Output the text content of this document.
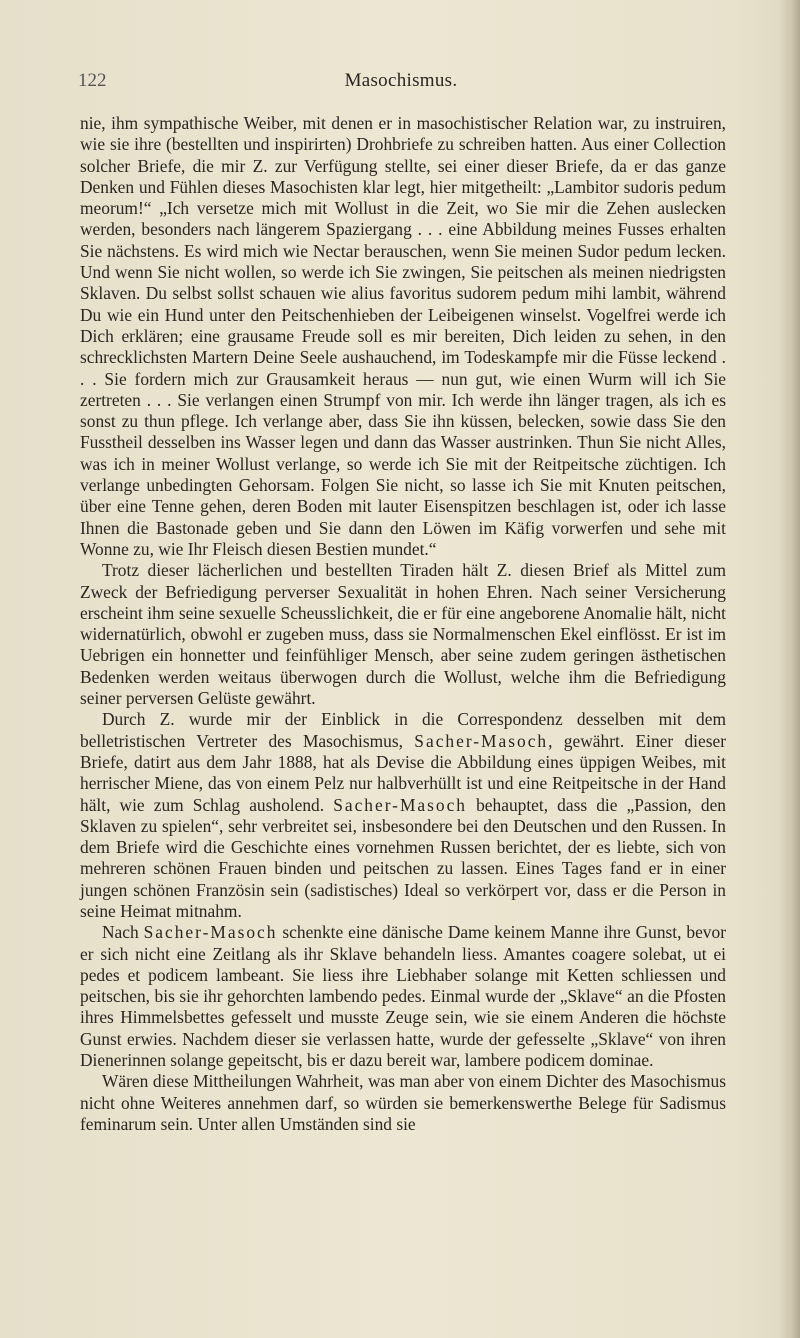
122	Masochismus.

nie, ihm sympathische Weiber, mit denen er in masochistischer Relation war, zu instruiren, wie sie ihre (bestellten und inspirirten) Drohbriefe zu schreiben hatten. Aus einer Collection solcher Briefe, die mir Z. zur Verfügung stellte, sei einer dieser Briefe, da er das ganze Denken und Fühlen dieses Masochisten klar legt, hier mitgetheilt: „Lambitor sudoris pedum meorum!“ „Ich versetze mich mit Wollust in die Zeit, wo Sie mir die Zehen auslecken werden, besonders nach längerem Spaziergang . . . eine Abbildung meines Fusses erhalten Sie nächstens. Es wird mich wie Nectar berauschen, wenn Sie meinen Sudor pedum lecken. Und wenn Sie nicht wollen, so werde ich Sie zwingen, Sie peitschen als meinen niedrigsten Sklaven. Du selbst sollst schauen wie alius favoritus sudorem pedum mihi lambit, während Du wie ein Hund unter den Peitschenhieben der Leibeigenen winselst. Vogelfrei werde ich Dich erklären; eine grausame Freude soll es mir bereiten, Dich leiden zu sehen, in den schrecklichsten Martern Deine Seele aushauchend, im Todeskampfe mir die Füsse leckend . . . Sie fordern mich zur Grausamkeit heraus — nun gut, wie einen Wurm will ich Sie zertreten . . . Sie verlangen einen Strumpf von mir. Ich werde ihn länger tragen, als ich es sonst zu thun pflege. Ich verlange aber, dass Sie ihn küssen, belecken, sowie dass Sie den Fusstheil desselben ins Wasser legen und dann das Wasser austrinken. Thun Sie nicht Alles, was ich in meiner Wollust verlange, so werde ich Sie mit der Reitpeitsche züchtigen. Ich verlange unbedingten Gehorsam. Folgen Sie nicht, so lasse ich Sie mit Knuten peitschen, über eine Tenne gehen, deren Boden mit lauter Eisenspitzen beschlagen ist, oder ich lasse Ihnen die Bastonade geben und Sie dann den Löwen im Käfig vorwerfen und sehe mit Wonne zu, wie Ihr Fleisch diesen Bestien mundet.“

Trotz dieser lächerlichen und bestellten Tiraden hält Z. diesen Brief als Mittel zum Zweck der Befriedigung perverser Sexualität in hohen Ehren. Nach seiner Versicherung erscheint ihm seine sexuelle Scheusslichkeit, die er für eine angeborene Anomalie hält, nicht widernatürlich, obwohl er zugeben muss, dass sie Normalmenschen Ekel einflösst. Er ist im Uebrigen ein honnetter und feinfühliger Mensch, aber seine zudem geringen ästhetischen Bedenken werden weitaus überwogen durch die Wollust, welche ihm die Befriedigung seiner perversen Gelüste gewährt.

Durch Z. wurde mir der Einblick in die Correspondenz desselben mit dem belletristischen Vertreter des Masochismus, Sacher-Masoch, gewährt. Einer dieser Briefe, datirt aus dem Jahr 1888, hat als Devise die Abbildung eines üppigen Weibes, mit herrischer Miene, das von einem Pelz nur halbverhüllt ist und eine Reitpeitsche in der Hand hält, wie zum Schlag ausholend. Sacher-Masoch behauptet, dass die „Passion, den Sklaven zu spielen“, sehr verbreitet sei, insbesondere bei den Deutschen und den Russen. In dem Briefe wird die Geschichte eines vornehmen Russen berichtet, der es liebte, sich von mehreren schönen Frauen binden und peitschen zu lassen. Eines Tages fand er in einer jungen schönen Französin sein (sadistisches) Ideal so verkörpert vor, dass er die Person in seine Heimat mitnahm.

Nach Sacher-Masoch schenkte eine dänische Dame keinem Manne ihre Gunst, bevor er sich nicht eine Zeitlang als ihr Sklave behandeln liess. Amantes coagere solebat, ut ei pedes et podicem lambeant. Sie liess ihre Liebhaber solange mit Ketten schliessen und peitschen, bis sie ihr gehorchten lambendo pedes. Einmal wurde der „Sklave“ an die Pfosten ihres Himmelsbettes gefesselt und musste Zeuge sein, wie sie einem Anderen die höchste Gunst erwies. Nachdem dieser sie verlassen hatte, wurde der gefesselte „Sklave“ von ihren Dienerinnen solange gepeitscht, bis er dazu bereit war, lambere podicem dominae.

Wären diese Mittheilungen Wahrheit, was man aber von einem Dichter des Masochismus nicht ohne Weiteres annehmen darf, so würden sie bemerkenswerthe Belege für Sadismus feminarum sein. Unter allen Umständen sind sie
